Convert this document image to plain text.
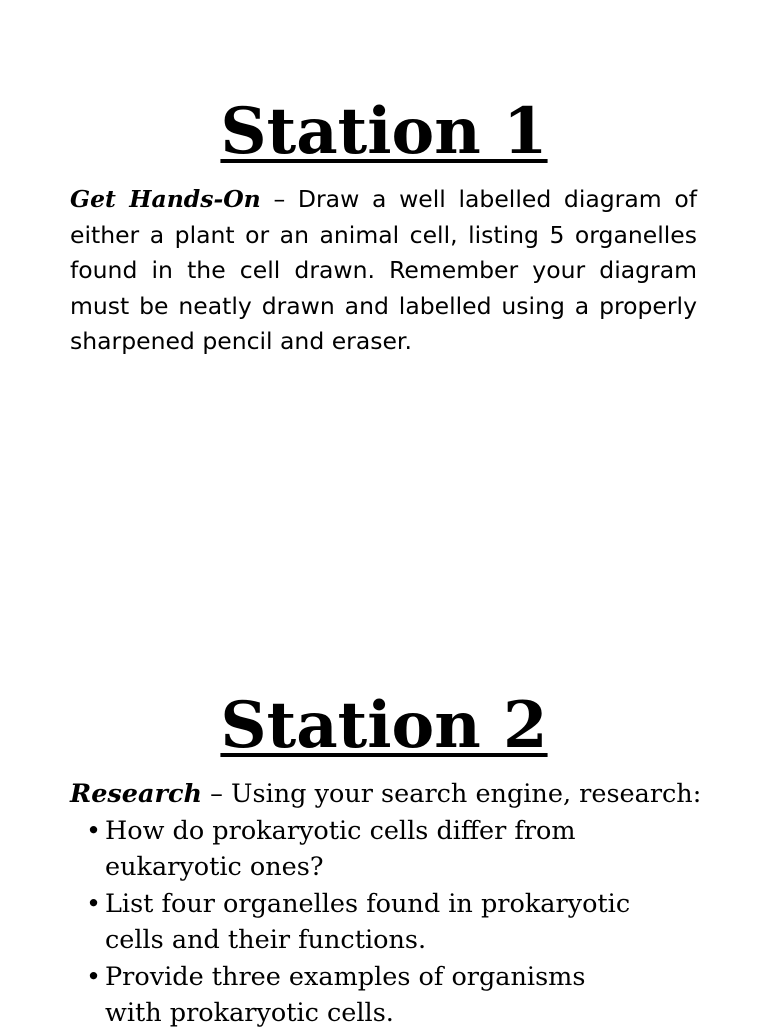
Station 1

Get Hands-On – Draw a well labelled diagram of either a plant or an animal cell, listing 5 organelles found in the cell drawn. Remember your diagram must be neatly drawn and labelled using a properly sharpened pencil and eraser.

Station 2

Research – Using your search engine, research:

• How do prokaryotic cells differ from eukaryotic ones?
• List four organelles found in prokaryotic cells and their functions.
• Provide three examples of organisms with prokaryotic cells.
